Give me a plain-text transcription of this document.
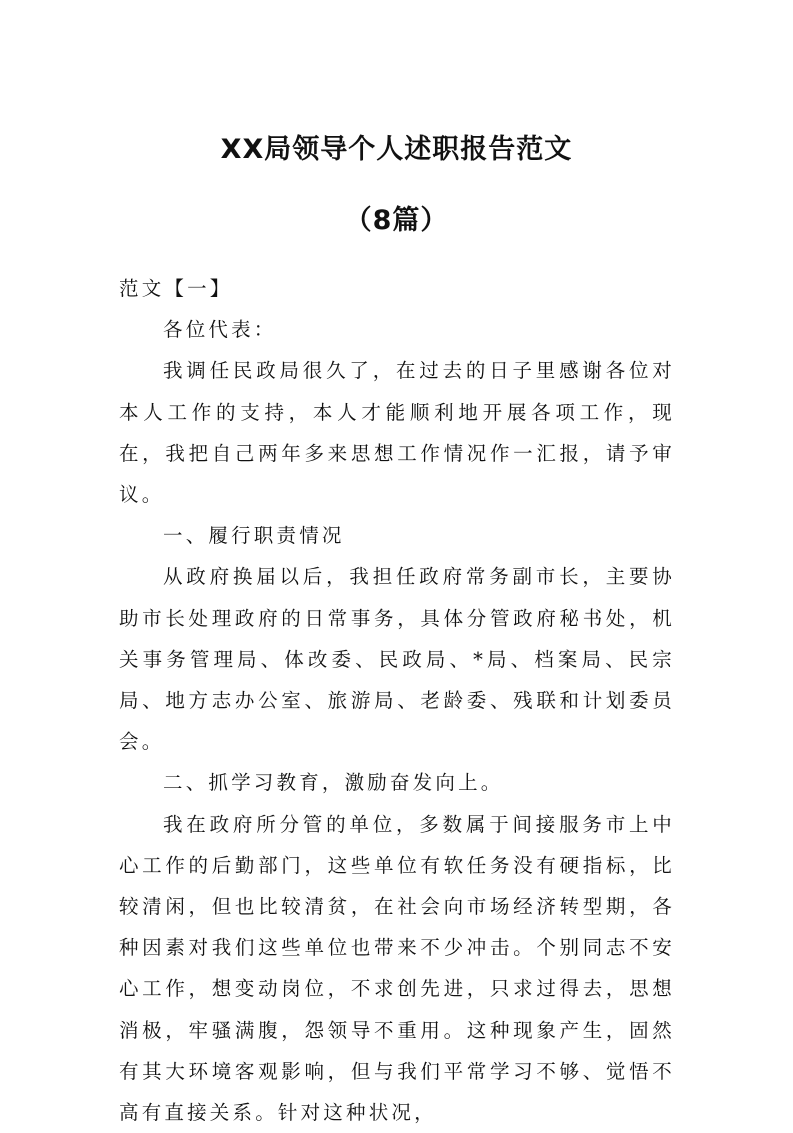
XX局领导个人述职报告范文
（8篇）

范文【一】

各位代表：

我调任民政局很久了，在过去的日子里感谢各位对本人工作的支持，本人才能顺利地开展各项工作，现在，我把自己两年多来思想工作情况作一汇报，请予审议。

一、履行职责情况

从政府换届以后，我担任政府常务副市长，主要协助市长处理政府的日常事务，具体分管政府秘书处，机关事务管理局、体改委、民政局、*局、档案局、民宗局、地方志办公室、旅游局、老龄委、残联和计划委员会。

二、抓学习教育，激励奋发向上。

我在政府所分管的单位，多数属于间接服务市上中心工作的后勤部门，这些单位有软任务没有硬指标，比较清闲，但也比较清贫，在社会向市场经济转型期，各种因素对我们这些单位也带来不少冲击。个别同志不安心工作，想变动岗位，不求创先进，只求过得去，思想消极，牢骚满腹，怨领导不重用。这种现象产生，固然有其大环境客观影响，但与我们平常学习不够、觉悟不高有直接关系。针对这种状况，
